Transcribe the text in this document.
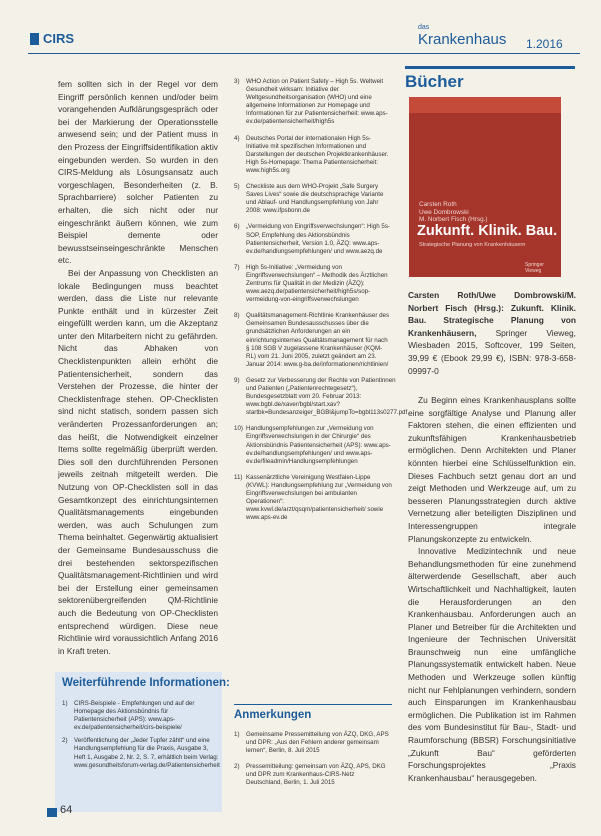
CIRS
das
Krankenhaus 1.2016

fem sollten sich in der Regel vor dem Eingriff persönlich kennen und/oder beim vorangehenden Aufklärungsgespräch oder bei der Markierung der Operationsstelle anwesend sein; und der Patient muss in den Prozess der Eingriffsidentifikation aktiv eingebunden werden. So wurden in den CIRS-Meldung als Lösungsansatz auch vorgeschlagen, Besonderheiten (z. B. Sprachbarriere) solcher Patienten zu erhalten, die sich nicht oder nur eingeschränkt äußern können, wie zum Beispiel demente oder bewusstseinseingeschränkte Menschen etc.

Bei der Anpassung von Checklisten an lokale Bedingungen muss beachtet werden, dass die Liste nur relevante Punkte enthält und in kürzester Zeit eingefüllt werden kann, um die Akzeptanz unter den Mitarbeitern nicht zu gefährden. Nicht das Abhaken von Checklistenpunkten allein erhöht die Patientensicherheit, sondern das Verstehen der Prozesse, die hinter der Checklistenfrage stehen. OP-Checklisten sind nicht statisch, sondern passen sich veränderten Prozessanforderungen an; das heißt, die Notwendigkeit einzelner Items sollte regelmäßig überprüft werden. Dies soll den durchführenden Personen jeweils zeitnah mitgeteilt werden. Die Nutzung von OP-Checklisten soll in das Gesamtkonzept des einrichtungsinternen Qualitätsmanagements eingebunden werden, was auch Schulungen zum Thema beinhaltet. Gegenwärtig aktualisiert der Gemeinsame Bundesausschuss die drei bestehenden sektorspezifischen Qualitätsmanagement-Richtlinien und wird bei der Erstellung einer gemeinsamen sektorenübergreifenden QM-Richtlinie auch die Bedeutung von OP-Checklisten entsprechend würdigen. Diese neue Richtlinie wird voraussichtlich Anfang 2016 in Kraft treten.

Weiterführende Informationen:
1)	CIRS-Beispiele - Empfehlungen und auf der Homepage des Aktionsbündnis für Patientensicherheit (APS): www.aps-ev.de/patientensicherheit/cirs-beispiele/
2)	Veröffentlichung der „Jeder Tupfer zählt“ und eine Handlungsempfehlung für die Praxis, Ausgabe 3, Heft 1, Ausgabe 2, Nr. 2, S. 7, erhältlich beim Verlag: www.gesundheitsforum-verlag.de/Patientensicherheit
3)	WHO Action on Patient Safety – High 5s. Weltweit Gesundheit wirksam: Initiative der Weltgesundheitsorganisation (WHO) und eine allgemeine Informationen zur Homepage und Informationen für zur Patientensicherheit: www.aps-ev.de/patientensicherheit/high5s
4)	Deutsches Portal der internationalen High 5s-Initiative mit spezifischen Informationen und Darstellungen der deutschen Projektkrankenhäuser. High 5s-Homepage: Thema Patientensicherheit: www.high5s.org
5)	Checkliste aus dem WHO-Projekt „Safe Surgery Saves Lives“ sowie die deutschsprachige Variante und Ablauf- und Handlungsempfehlung von Jahr 2008: www.ifpsbonn.de
6)	„Vermeidung von Eingriffsverwechslungen“: High 5s-SOP, Empfehlung des Aktionsbündnis Patientensicherheit, Version 1.0, ÄZQ: www.aps-ev.de/handlungsempfehlungen/ und www.aezq.de
7)	High 5s-Initiative: „Vermeidung von Eingriffsverwechslungen“ – Methodik des Ärztlichen Zentrums für Qualität in der Medizin (ÄZQ): www.aezq.de/patientensicherheit/high5s/sop-vermeidung-von-eingriffsverwechslungen
8)	Qualitätsmanagement-Richtlinie Krankenhäuser des Gemeinsamen Bundesausschusses über die grundsätzlichen Anforderungen an ein einrichtungsinternes Qualitätsmanagement für nach § 108 SGB V zugelassene Krankenhäuser (KQM-RL) vom 21. Juni 2005, zuletzt geändert am 23. Januar 2014: www.g-ba.de/informationen/richtlinien/
9)	Gesetz zur Verbesserung der Rechte von Patientinnen und Patienten („Patientenrechtegesetz“), Bundesgesetzblatt vom 20. Februar 2013: www.bgbl.de/xaver/bgbl/start.xav?startbk=Bundesanzeiger_BGBl&jumpTo=bgbl113s0277.pdf
10) Handlungsempfehlungen zur „Vermeidung von Eingriffsverwechslungen in der Chirurgie“ des Aktionsbündnis Patientensicherheit (APS): www.aps-ev.de/handlungsempfehlungen/ und www.aps-ev.de/fileadmin/Handlungsempfehlungen
11) Kassenärztliche Vereinigung Westfalen-Lippe (KVWL): Handlungsempfehlung zur „Vermeidung von Eingriffsverwechslungen bei ambulanten Operationen“: www.kvwl.de/arzt/qsqm/patientensicherheit/ sowie www.aps-ev.de
Anmerkungen
1)	Gemeinsame Pressemitteilung von ÄZQ, DKG, APS und DPR: „Aus den Fehlern anderer gemeinsam lernen“, Berlin, 8. Juli 2015
2)	Pressemitteilung: gemeinsam von ÄZQ, APS, DKG und DPR zum Krankenhaus-CIRS-Netz Deutschland, Berlin, 1. Juli 2015
Bücher
Carsten Roth
Uwe Dombrowski
M. Norbert Fisch (Hrsg.)
Zukunft. Klinik. Bau.
Strategische Planung von Krankenhäusern
Springer Vieweg
Carsten Roth/Uwe Dombrowski/M. Norbert Fisch (Hrsg.): Zukunft. Klinik. Bau. Strategische Planung von Krankenhäusern, Springer Vieweg, Wiesbaden 2015, Softcover, 199 Seiten, 39,99 € (Ebook 29,99 €), ISBN: 978-3-658-09997-0

Zu Beginn eines Krankenhausplans sollte eine sorgfältige Analyse und Planung aller Faktoren stehen, die einen effizienten und zukunftsfähigen Krankenhausbetrieb ermöglichen. Denn Architekten und Planer könnten hierbei eine Schlüsselfunktion ein. Dieses Fachbuch setzt genau dort an und zeigt Methoden und Werkzeuge auf, um zu besseren Planungsstrategien durch aktive Vernetzung aller beteiligten Disziplinen und Interessengruppen integrale Planungskonzepte zu entwickeln.

Innovative Medizintechnik und neue Behandlungsmethoden für eine zunehmend älterwerdende Gesellschaft, aber auch Wirtschaftlichkeit und Nachhaltigkeit, lauten die Herausforderungen an den Krankenhausbau. Anforderungen auch an Planer und Betreiber für die Architekten und Ingenieure der Technischen Universität Braunschweig nun eine umfängliche Planungssystematik entwickelt haben. Neue Methoden und Werkzeuge sollen künftig nicht nur Fehlplanungen verhindern, sondern auch Einsparungen im Krankenhausbau ermöglichen. Die Publikation ist im Rahmen des vom Bundesinstitut für Bau-, Stadt- und Raumforschung (BBSR) Forschungsinitiative „Zukunft Bau“ geförderten Forschungsprojektes „Praxis Krankenhausbau“ herausgegeben.

64
